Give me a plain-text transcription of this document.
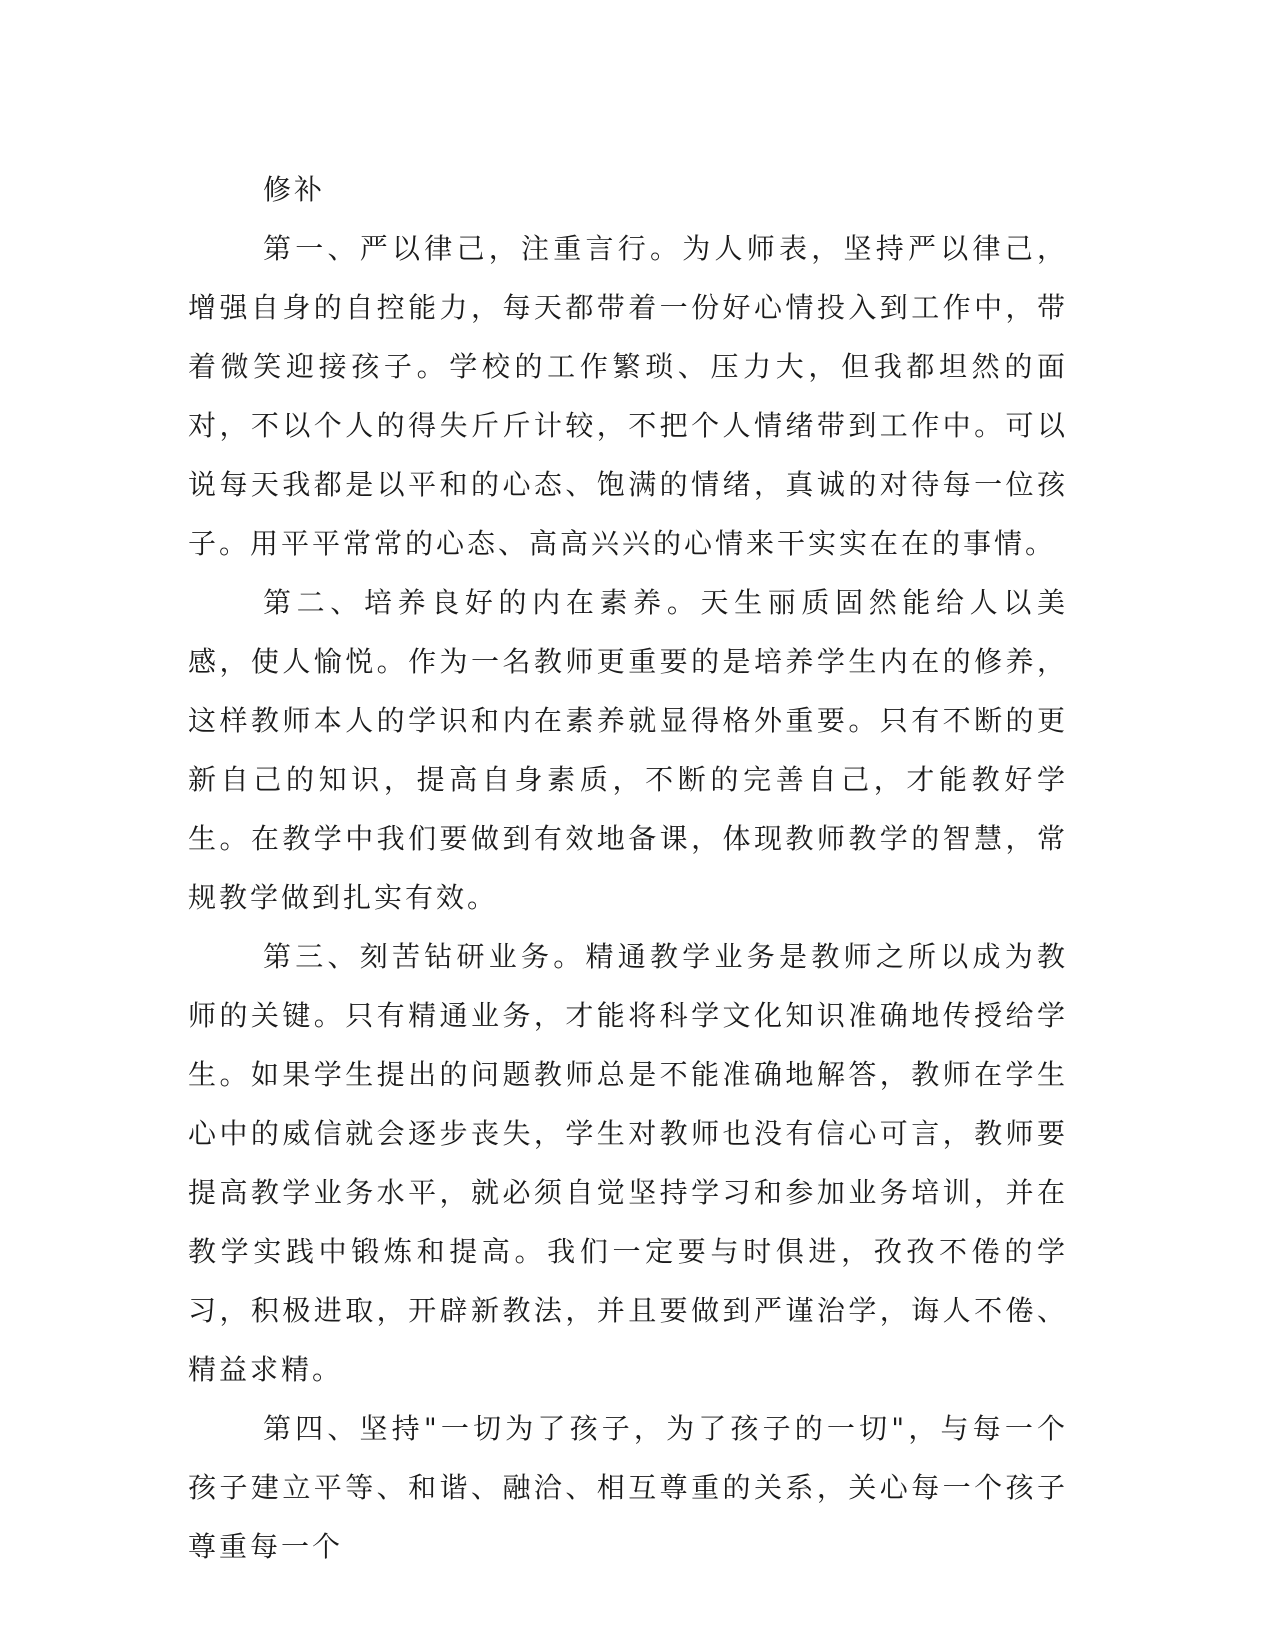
修补

第一、严以律己，注重言行。为人师表，坚持严以律己，增强自身的自控能力，每天都带着一份好心情投入到工作中，带着微笑迎接孩子。学校的工作繁琐、压力大，但我都坦然的面对，不以个人的得失斤斤计较，不把个人情绪带到工作中。可以说每天我都是以平和的心态、饱满的情绪，真诚的对待每一位孩子。用平平常常的心态、高高兴兴的心情来干实实在在的事情。

第二、培养良好的内在素养。天生丽质固然能给人以美感，使人愉悦。作为一名教师更重要的是培养学生内在的修养，这样教师本人的学识和内在素养就显得格外重要。只有不断的更新自己的知识，提高自身素质，不断的完善自己，才能教好学生。在教学中我们要做到有效地备课，体现教师教学的智慧，常规教学做到扎实有效。

第三、刻苦钻研业务。精通教学业务是教师之所以成为教师的关键。只有精通业务，才能将科学文化知识准确地传授给学生。如果学生提出的问题教师总是不能准确地解答，教师在学生心中的威信就会逐步丧失，学生对教师也没有信心可言，教师要提高教学业务水平，就必须自觉坚持学习和参加业务培训，并在教学实践中锻炼和提高。我们一定要与时俱进，孜孜不倦的学习，积极进取，开辟新教法，并且要做到严谨治学，诲人不倦、精益求精。

第四、坚持"一切为了孩子，为了孩子的一切"，与每一个孩子建立平等、和谐、融洽、相互尊重的关系，关心每一个孩子尊重每一个
